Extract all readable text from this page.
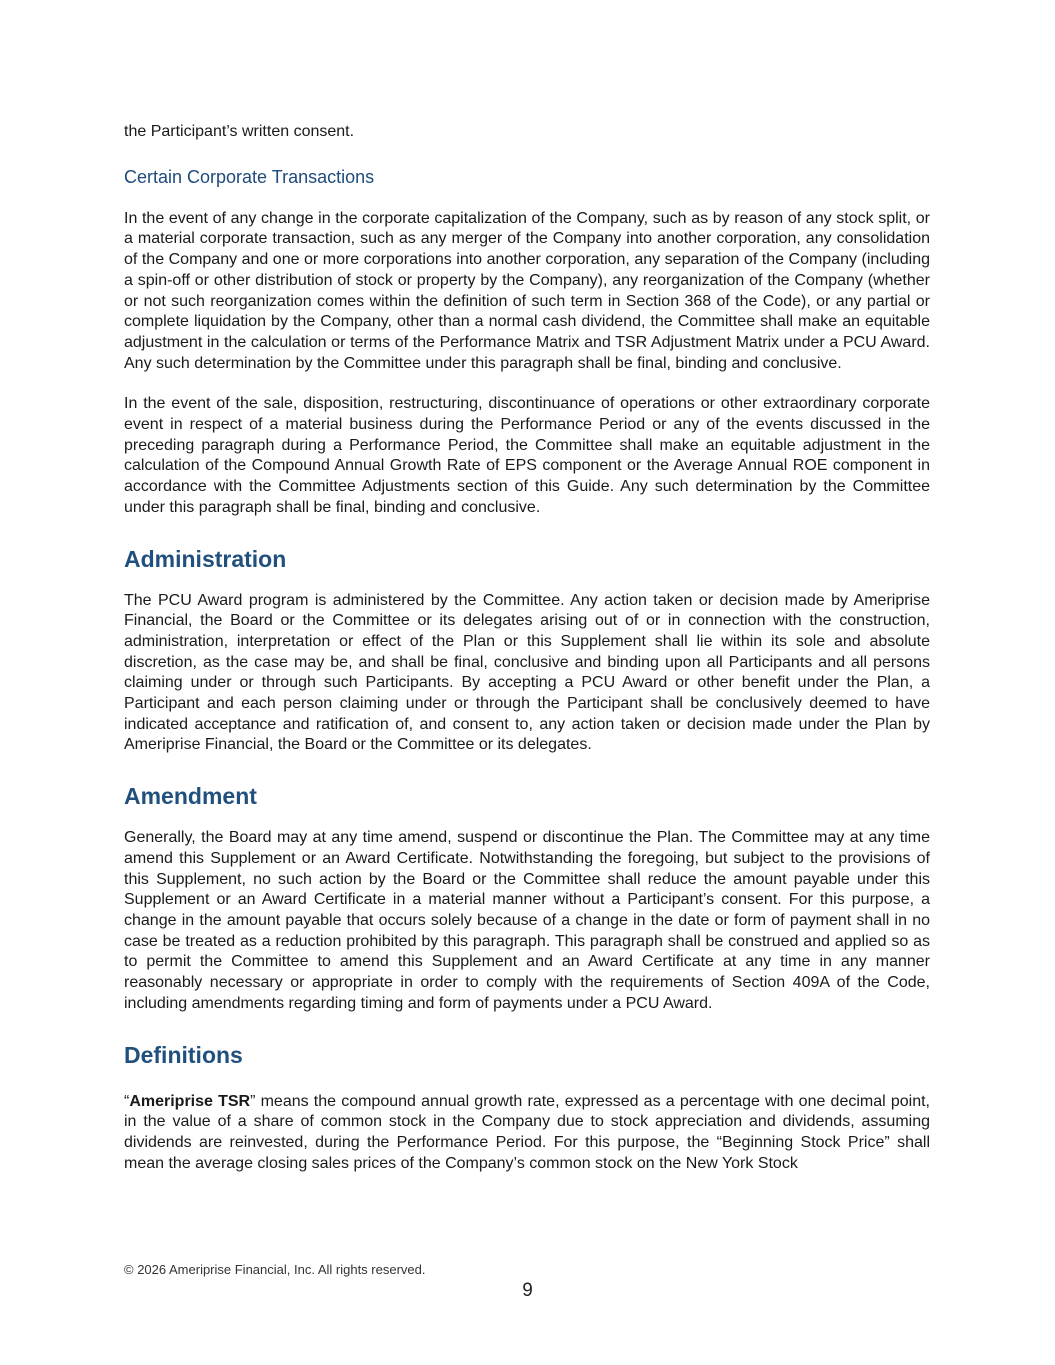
the Participant’s written consent.

Certain Corporate Transactions

In the event of any change in the corporate capitalization of the Company, such as by reason of any stock split, or a material corporate transaction, such as any merger of the Company into another corporation, any consolidation of the Company and one or more corporations into another corporation, any separation of the Company (including a spin-off or other distribution of stock or property by the Company), any reorganization of the Company (whether or not such reorganization comes within the definition of such term in Section 368 of the Code), or any partial or complete liquidation by the Company, other than a normal cash dividend, the Committee shall make an equitable adjustment in the calculation or terms of the Performance Matrix and TSR Adjustment Matrix under a PCU Award. Any such determination by the Committee under this paragraph shall be final, binding and conclusive.

In the event of the sale, disposition, restructuring, discontinuance of operations or other extraordinary corporate event in respect of a material business during the Performance Period or any of the events discussed in the preceding paragraph during a Performance Period, the Committee shall make an equitable adjustment in the calculation of the Compound Annual Growth Rate of EPS component or the Average Annual ROE component in accordance with the Committee Adjustments section of this Guide. Any such determination by the Committee under this paragraph shall be final, binding and conclusive.

Administration

The PCU Award program is administered by the Committee. Any action taken or decision made by Ameriprise Financial, the Board or the Committee or its delegates arising out of or in connection with the construction, administration, interpretation or effect of the Plan or this Supplement shall lie within its sole and absolute discretion, as the case may be, and shall be final, conclusive and binding upon all Participants and all persons claiming under or through such Participants. By accepting a PCU Award or other benefit under the Plan, a Participant and each person claiming under or through the Participant shall be conclusively deemed to have indicated acceptance and ratification of, and consent to, any action taken or decision made under the Plan by Ameriprise Financial, the Board or the Committee or its delegates.

Amendment

Generally, the Board may at any time amend, suspend or discontinue the Plan. The Committee may at any time amend this Supplement or an Award Certificate. Notwithstanding the foregoing, but subject to the provisions of this Supplement, no such action by the Board or the Committee shall reduce the amount payable under this Supplement or an Award Certificate in a material manner without a Participant’s consent. For this purpose, a change in the amount payable that occurs solely because of a change in the date or form of payment shall in no case be treated as a reduction prohibited by this paragraph. This paragraph shall be construed and applied so as to permit the Committee to amend this Supplement and an Award Certificate at any time in any manner reasonably necessary or appropriate in order to comply with the requirements of Section 409A of the Code, including amendments regarding timing and form of payments under a PCU Award.

Definitions

“Ameriprise TSR” means the compound annual growth rate, expressed as a percentage with one decimal point, in the value of a share of common stock in the Company due to stock appreciation and dividends, assuming dividends are reinvested, during the Performance Period. For this purpose, the “Beginning Stock Price” shall mean the average closing sales prices of the Company’s common stock on the New York Stock

© 2026 Ameriprise Financial, Inc. All rights reserved.
9
